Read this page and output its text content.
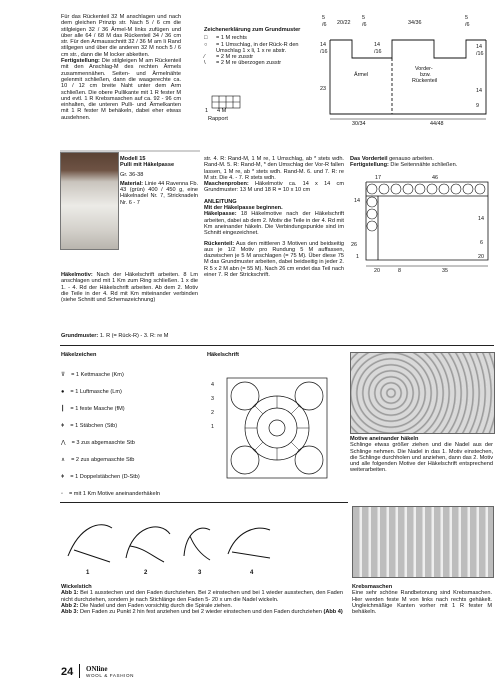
Für das Rückenteil 32 M anschlagen und nach dem gleichen Prinzip str. Nach 5 / 6 cm die stilgleigen 32 / 36 Ärmel-M links zufügen und über alle 64 / 68 M das Rückenteil 34 / 36 cm str. Für den Armausschnitt 32 / 36 M am li Rand stilgegen und über die anderen 32 M noch 5 / 6 cm str., dann die M locker abketten.
Fertigstellung: Die stilgleigen M am Rückenteil mit den Anschlag-M des rechten Ärmels zusammennähen. Seiten- und Ärmelnähte gelenmit schließen, dann die waagerechte ca. 10 / 12 cm breite Naht unter dem Arm schließen. Die obere Pullikante mit 1 R fester M und evtl. 1 R Krebsmaschen auf ca. 92 - 96 cm einhalten, die unteren Pulli- und Ärmelkanten mit 1 R fester M behäkeln, dabei eher etwas ausdehnen.
Zeichenerklärung zum Grundmuster
□	= 1 M rechts
○	= 1 Umschlag, in der Rück-R den Umschlag 1 x li, 1 x re abstr.
⁄	= 2 M re zusstr
\	= 2 M re überzogen zusstr
1 4 M
Rapport
5
/6 20/22
5
/6	34/36
5
/6
14
/16
14
/16
Ärmel
Vorder-
bzw.
Rückenteil
14
/16
23	14
9
30/34	44/48
Modell 15
Pulli mit Häkelpasse
Gr. 36-38
Material: Linie 44 Ravenna Fb. 43 (grün) 400 / 450 g, eine Häkelnadel Nr. 7, Stricknadeln Nr. 6 - 7
Häkelmotiv: Nach der Häkelschrift arbeiten. 8 Lm anschlagen und mit 1 Km zum Ring schließen. 1 x die 1. - 4. Rd der Häkelschrift arbeiten. Ab dem 2. Motiv die Teile in der 4. Rd mit Km miteinander verbinden (siehe Schnitt und Schemazeichnung)
Grundmuster: 1. R (= Rück-R) - 3. R: re M
str. 4. R: Rand-M, 1 M re, 1 Umschlag, ab * stets wdh. Rand-M. 5. R: Rand-M, * den Umschlag der Vor-R fallen lassen, 1 M re, ab * stets wdh. Rand-M. 6. und 7. R: re M str. Die 4. - 7. R stets wdh.
Maschenproben: Häkelmotiv ca. 14 x 14 cm Grundmuster: 13 M und 18 R = 10 x 10 cm
ANLEITUNG
Mit der Häkelpasse beginnen.
Häkelpasse: 18 Häkelmotive nach der Häkelschrift arbeiten, dabei ab dem 2. Motiv die Teile in der 4. Rd mit Km aneinander häkeln. Die Verbindungspunkte sind im Schnitt eingezeichnet.
Rückenteil: Aus den mittleren 3 Motiven und beidseitig aus je 1/2 Motiv pro Rundung 5 M auffassen, dazwischen je 5 M anschlagen (= 75 M). Über diese 75 M das Grundmuster arbeiten, dabei beidseitig in jeder 2. R 5 x 2 M abn (= 55 M). Nach 26 cm endet das Teil nach einer 7. R der Strickschrift.
Das Vorderteil genauso arbeiten.
Fertigstellung: Die Seitennähte schließen.
17	46
14
14
26	6
20
20	8	35
1
Häkelzeichen
⊽ = 1 Kettmasche (Km)
● = 1 Luftmasche (Lm)
┃ = 1 feste Masche (fM)
ǂ = 1 Stäbchen (Stb)
⋀ = 3 zus abgemaschte Stb
∧ = 2 zus abgemaschte Stb
ǂ = 1 Doppelstäbchen (D-Stb)
◦ = mit 1 Km Motive aneinanderhäkeln
Häkelschrift
4
3
2
1
Motive aneinander häkeln
Schlinge etwas größer ziehen und die Nadel aus der Schlinge nehmen. Die Nadel in das 1. Motiv einstechen, die Schlinge durchholen und anziehen, dann das 2. Motiv und alle folgenden Motive der Häkelschrift entsprechend weiterarbeiten.
1	2	3	4
Wickelstich
Abb 1: Bei 1 ausstechen und den Faden durchziehen. Bei 2 einstechen und bei 1 wieder ausstechen, den Faden nicht durchziehen, sondern je nach Stichlänge den Faden 5- 20 x um die Nadel wickeln.
Abb 2: Die Nadel und den Faden vorsichtig durch die Spirale ziehen.
Abb 3: Den Faden zu Punkt 2 hin fest anziehen und bei 2 wieder einstechen und den Faden durchziehen (Abb 4)
Krebsmaschen
Eine sehr schöne Randbetonung sind Krebsmaschen. Hier werden feste M von links nach rechts gehäkelt. Ungleichmäßige Kanten vorher mit 1 R fester M behäkeln.
24 ONline
WOOL & FASHION
